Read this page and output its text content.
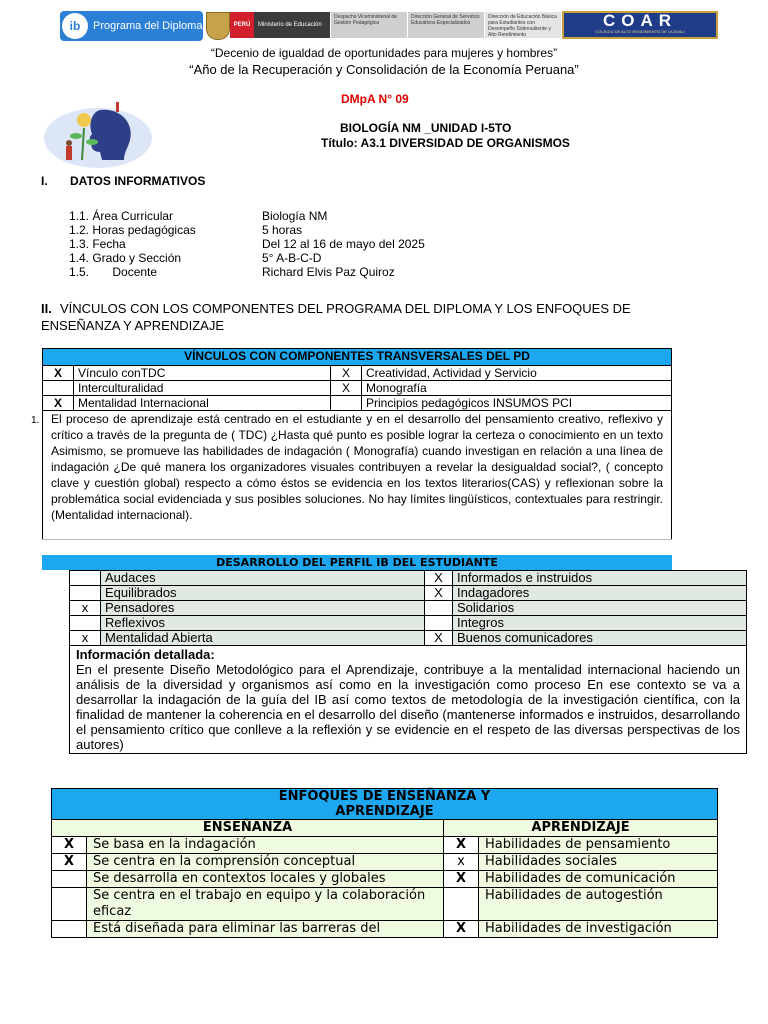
ib	Programa del Diploma	PERÚ	Ministerio de Educación
Despacho Viceministerial de Gestión Pedagógica
Dirección General de Servicios Educativos Especializados
Dirección de Educación Básica para Estudiantes con Desempeño Sobresaliente y Alto Rendimiento
COAR
COLEGIO DE ALTO RENDIMIENTO DE UCAYALI
“Decenio de igualdad de oportunidades para mujeres y hombres”
“Año de la Recuperación y Consolidación de la Economía Peruana”
DMpA N° 09
BIOLOGÍA NM _UNIDAD I-5TO
Título: A3.1 DIVERSIDAD DE ORGANISMOS
I. DATOS INFORMATIVOS
1.1. Área Curricular	Biología NM
1.2. Horas pedagógicas	5 horas
1.3. Fecha	Del 12 al 16 de mayo del 2025
1.4. Grado y Sección	5° A-B-C-D
1.5.       Docente	Richard Elvis Paz Quiroz
II. VÍNCULOS CON LOS COMPONENTES DEL PROGRAMA DEL DIPLOMA Y LOS ENFOQUES DE ENSEÑANZA Y APRENDIZAJE
VÍNCULOS CON COMPONENTES TRANSVERSALES DEL PD			
X	Vínculo conTDC	X	Creatividad, Actividad y Servicio
	Interculturalidad	X	Monografía
X	Mentalidad Internacional		Principios pedagógicos INSUMOS PCI
El proceso de aprendizaje está centrado en el estudiante y en el desarrollo del pensamiento creativo, reflexivo y crítico a través de la pregunta de ( TDC) ¿Hasta qué punto es posible lograr la certeza o conocimiento en un texto Asimismo, se promueve las habilidades de indagación ( Monografía) cuando investigan en relación a una línea de indagación ¿De qué manera los organizadores visuales contribuyen a revelar la desigualdad social?, ( concepto clave y cuestión global) respecto a cómo éstos se evidencia en los textos literarios(CAS) y reflexionan sobre la problemática social evidenciada y sus posibles soluciones. No hay límites lingüísticos, contextuales para restringir. (Mentalidad internacional).			
1.
DESARROLLO DEL PERFIL IB DEL ESTUDIANTE
	Audaces	X	Informados e instruidos
	Equilibrados	X	Indagadores
x	Pensadores		Solidarios
	Reflexivos		Integros
x	Mentalidad Abierta	X	Buenos comunicadores

Información detallada:
En el presente Diseño Metodológico para el Aprendizaje, contribuye a la mentalidad internacional haciendo un análisis de la diversidad y organismos así como en la investigación como proceso En ese contexto se va a desarrollar la indagación de la guía del IB así como textos de metodología de la investigación científica, con la finalidad de mantener la coherencia en el desarrollo del diseño (mantenerse informados e instruidos, desarrollando el pensamiento crítico que conlleve a la reflexión y se evidencie en el respeto de las diversas perspectivas de los autores)			
ENFOQUES DE ENSEÑANZA Y
APRENDIZAJE			

ENSEÑANZA		APRENDIZAJE	
X	Se basa en la indagación	X	Habilidades de pensamiento
X	Se centra en la comprensión conceptual	x	Habilidades sociales
	Se desarrolla en contextos locales y globales	X	Habilidades de comunicación
	Se centra en el trabajo en equipo y la colaboración eficaz		Habilidades de autogestión
	Está diseñada para eliminar las barreras del	X	Habilidades de investigación
